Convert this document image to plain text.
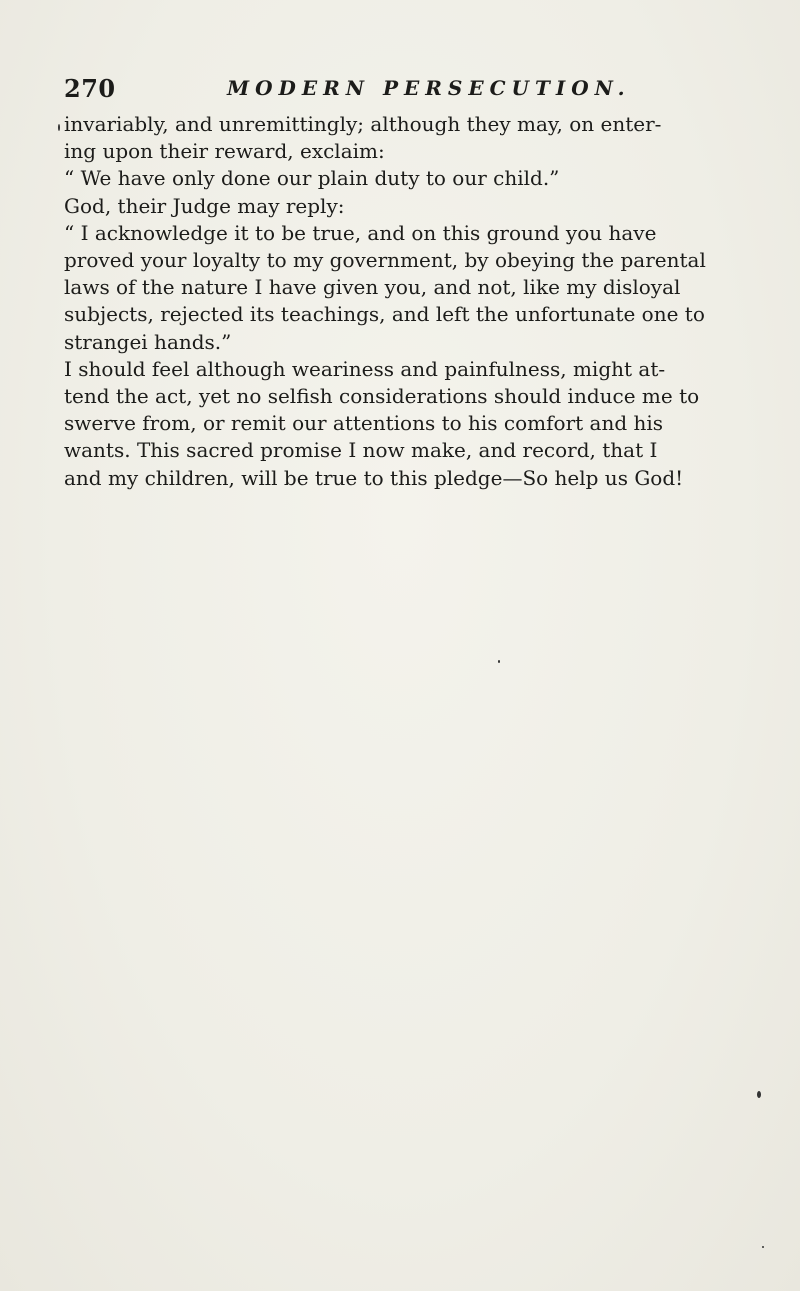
270	MODERN PERSECUTION.

invariably, and unremittingly; although they may, on enter-
ing upon their reward, exclaim:

“ We have only done our plain duty to our child.”

God, their Judge may reply:

“ I acknowledge it to be true, and on this ground you have
proved your loyalty to my government, by obeying the parental
laws of the nature I have given you, and not, like my disloyal
subjects, rejected its teachings, and left the unfortunate one to
strangei hands.”

I should feel although weariness and painfulness, might at-
tend the act, yet no selfish considerations should induce me to
swerve from, or remit our attentions to his comfort and his
wants. This sacred promise I now make, and record, that I
and my children, will be true to this pledge—So help us God!
